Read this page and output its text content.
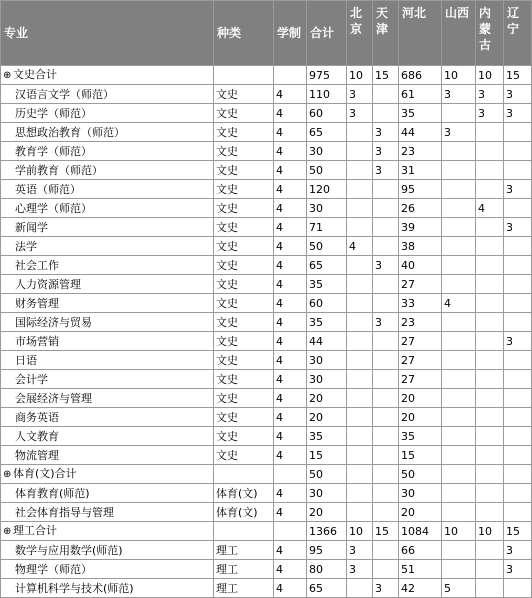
专业	种类	学制	合计	北京	天津	河北	山西	内蒙古	辽宁
⊕ 文史合计			975	10	15	686	10	10	15
汉语言文学（师范）	文史	4	110	3		61	3	3	3
历史学（师范）	文史	4	60	3		35		3	3
思想政治教育（师范）	文史	4	65		3	44	3		
教育学（师范）	文史	4	30		3	23			
学前教育（师范）	文史	4	50		3	31			
英语（师范）	文史	4	120			95			3
心理学（师范）	文史	4	30			26		4	
新闻学	文史	4	71			39			3
法学	文史	4	50	4		38			
社会工作	文史	4	65		3	40			
人力资源管理	文史	4	35			27			
财务管理	文史	4	60			33	4		
国际经济与贸易	文史	4	35		3	23			
市场营销	文史	4	44			27			3
日语	文史	4	30			27			
会计学	文史	4	30			27			
会展经济与管理	文史	4	20			20			
商务英语	文史	4	20			20			
人文教育	文史	4	35			35			
物流管理	文史	4	15			15			
⊕ 体育(文)合计			50			50			
体育教育(师范)	体育(文)	4	30			30			
社会体育指导与管理	体育(文)	4	20			20			
⊕ 理工合计			1366	10	15	1084	10	10	15
数学与应用数学(师范)	理工	4	95	3		66			3
物理学（师范）	理工	4	80	3		51			3
计算机科学与技术(师范)	理工	4	65		3	42	5		
